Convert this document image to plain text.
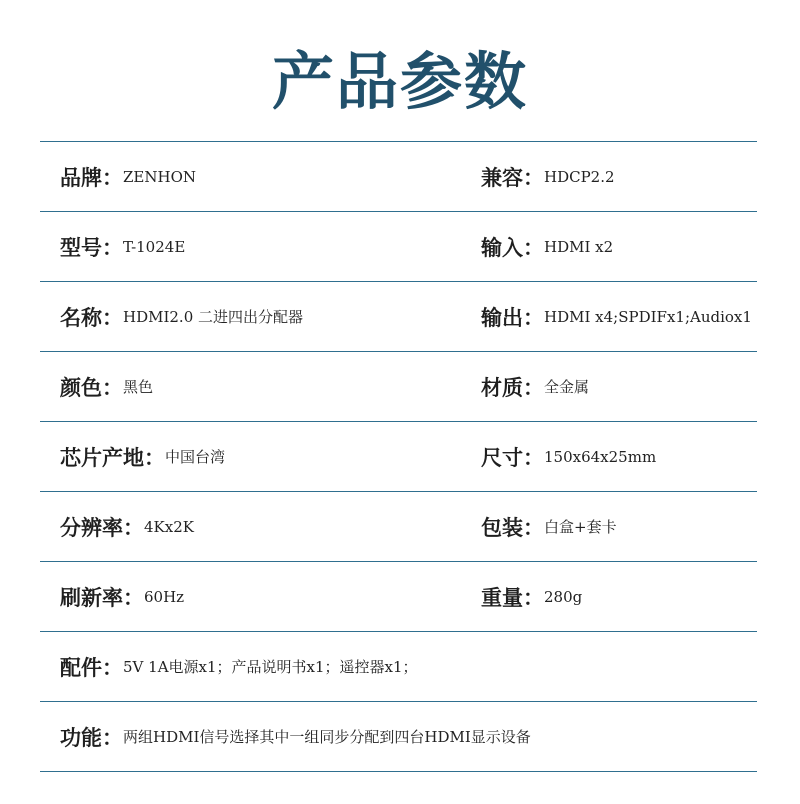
产品参数
品牌： ZENHON	兼容： HDCP2.2
型号： T-1024E	输入： HDMI x2
名称： HDMI2.0 二进四出分配器	输出： HDMI x4;SPDIFx1;Audiox1
颜色： 黑色	材质： 全金属
芯片产地： 中国台湾	尺寸： 150x64x25mm
分辨率： 4Kx2K	包装： 白盒+套卡
刷新率： 60Hz	重量： 280g
配件： 5V 1A电源x1；产品说明书x1；遥控器x1；
功能： 两组HDMI信号选择其中一组同步分配到四台HDMI显示设备
